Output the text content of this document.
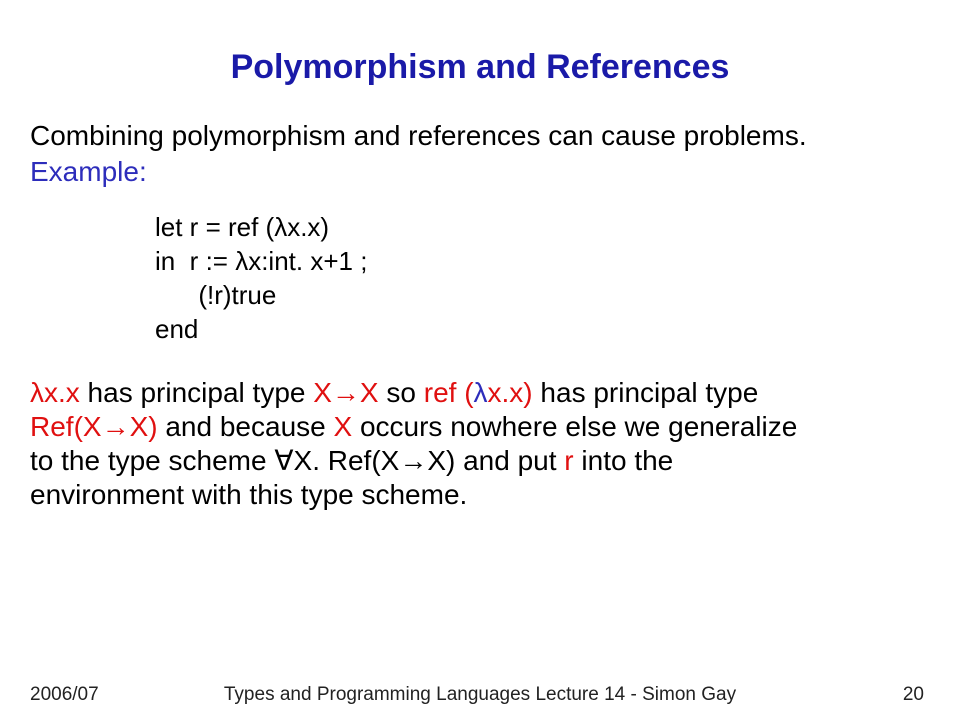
Polymorphism and References
Combining polymorphism and references can cause problems.
Example:
let r = ref (λx.x)
in  r := λx:int. x+1 ;
(!r)true
end
λx.x has principal type X→X so ref (λx.x) has principal type
Ref(X→X) and because X occurs nowhere else we generalize
to the type scheme ∀X. Ref(X→X) and put r into the
environment with this type scheme.
2006/07	Types and Programming Languages Lecture 14 - Simon Gay	20
